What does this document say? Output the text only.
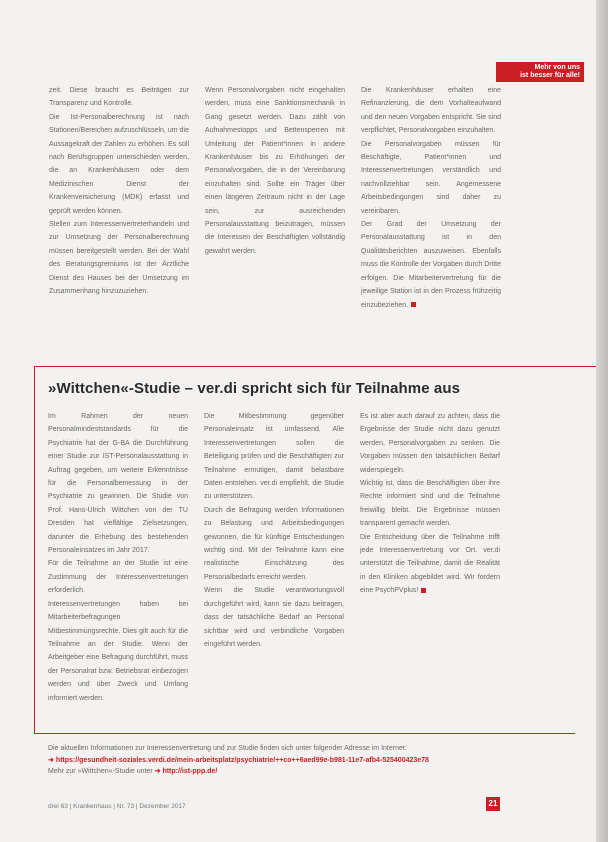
Mehr von uns
ist besser für alle!

zeit. Diese braucht es Beiträgen zur Transparenz und Kontrolle.

Die Ist-Personalberechnung ist nach Stationen/Bereichen aufzuschlüsseln, um die Aussagekraft der Zahlen zu erhöhen. Es soll nach Berufsgruppen unterschieden werden, die an Krankenhäusern oder dem Medizinischen Dienst der Krankenversicherung (MDK) erfasst und geprüft werden können.

Stellen zum Interessenvertreterhandeln und zur Umsetzung der Personalberechnung müssen bereitgestellt werden. Bei der Wahl des Beratungsgremiums ist der Ärztliche Dienst des Hauses bei der Umsetzung im Zusammenhang hinzuzuziehen.

Wenn Personalvorgaben nicht eingehalten werden, muss eine Sanktionsmechanik in Gang gesetzt werden. Dazu zählt von Aufnahmestopps und Bettensperren mit Umleitung der Patient*innen in andere Krankenhäuser bis zu Erhöhungen der Personalvorgaben, die in der Vereinbarung einzuhalten sind. Sollte ein Träger über einen längeren Zeitraum nicht in der Lage sein, zur ausreichenden Personalausstattung beizutragen, müssen die Interessen der Beschäftigten vollständig gewahrt werden.

Die Krankenhäuser erhalten eine Refinanzierung, die dem Vorhalteaufwand und den neuen Vorgaben entspricht. Sie sind verpflichtet, Personalvorgaben einzuhalten.

Die Personalvorgaben müssen für Beschäftigte, Patient*innen und Interessenvertretungen verständlich und nachvollziehbar sein. Angemessene Arbeitsbedingungen sind daher zu vereinbaren.

Der Grad der Umsetzung der Personalausstattung ist in den Qualitätsberichten auszuweisen. Ebenfalls muss die Kontrolle der Vorgaben durch Dritte erfolgen. Die Mitarbeitervertretung für die jeweilige Station ist in den Prozess frühzeitig einzubeziehen.

»Wittchen«-Studie – ver.di spricht sich für Teilnahme aus

Im Rahmen der neuen Personalmindeststandards für die Psychiatrie hat der G-BA die Durchführung einer Studie zur IST-Personalausstattung in Auftrag gegeben, um weitere Erkenntnisse für die Personalbemessung in der Psychiatrie zu gewinnen. Die Studie von Prof. Hans-Ulrich Wittchen von der TU Dresden hat vielfältige Zielsetzungen, darunter die Erhebung des bestehenden Personaleinsatzes im Jahr 2017.

Für die Teilnahme an der Studie ist eine Zustimmung der Interessenvertretungen erforderlich.

Interessenvertretungen haben bei Mitarbeiterbefragungen Mitbestimmungsrechte. Dies gilt auch für die Teilnahme an der Studie. Wenn der Arbeitgeber eine Befragung durchführt, muss der Personalrat bzw. Betriebsrat einbezogen werden und über Zweck und Umfang informiert werden.

Die Mitbestimmung gegenüber Personaleinsatz ist umfassend. Alle Interessenvertretungen sollen die Beteiligung prüfen und die Beschäftigten zur Teilnahme ermutigen, damit belastbare Daten entstehen. ver.di empfiehlt, die Studie zu unterstützen.

Durch die Befragung werden Informationen zu Belastung und Arbeitsbedingungen gewonnen, die für künftige Entscheidungen wichtig sind. Mit der Teilnahme kann eine realistische Einschätzung des Personalbedarfs erreicht werden.

Wenn die Studie verantwortungsvoll durchgeführt wird, kann sie dazu beitragen, dass der tatsächliche Bedarf an Personal sichtbar wird und verbindliche Vorgaben eingeführt werden.

Es ist aber auch darauf zu achten, dass die Ergebnisse der Studie nicht dazu genutzt werden, Personalvorgaben zu senken. Die Vorgaben müssen den tatsächlichen Bedarf widerspiegeln.

Wichtig ist, dass die Beschäftigten über ihre Rechte informiert sind und die Teilnahme freiwillig bleibt. Die Ergebnisse müssen transparent gemacht werden.

Die Entscheidung über die Teilnahme trifft jede Interessenvertretung vor Ort. ver.di unterstützt die Teilnahme, damit die Realität in den Kliniken abgebildet wird. Wir fordern eine PsychPVplus!

Die aktuellen Informationen zur Interessenvertretung und zur Studie finden sich unter folgender Adresse im Internet:
➜ https://gesundheit-soziales.verdi.de/mein-arbeitsplatz/psychiatrie/++co++6aed99e-b981-11e7-afb4-525400423e78
Mehr zur »Wittchen«-Studie unter ➜ http://ist-ppp.de/
drei 63 | Krankenhaus | Nr. 73 | Dezember 2017	21
